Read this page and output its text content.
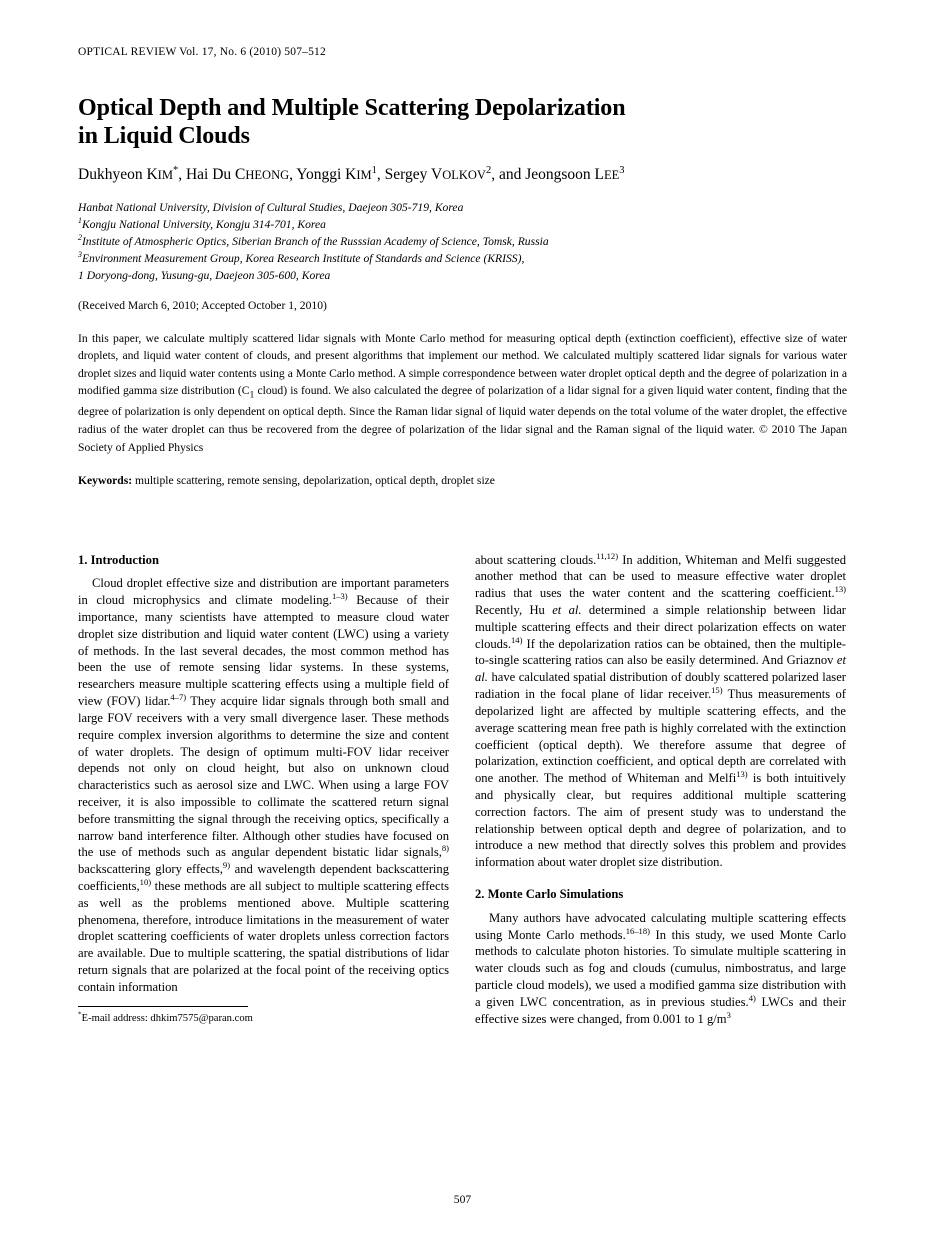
OPTICAL REVIEW Vol. 17, No. 6 (2010) 507–512
Optical Depth and Multiple Scattering Depolarization
in Liquid Clouds
Dukhyeon KIM*, Hai Du CHEONG, Yonggi KIM$^1$, Sergey VOLKOV$^2$, and Jeongsoon LEE$^3$
Hanbat National University, Division of Cultural Studies, Daejeon 305-719, Korea
$^1$Kongju National University, Kongju 314-701, Korea
$^2$Institute of Atmospheric Optics, Siberian Branch of the Russsian Academy of Science, Tomsk, Russia
$^3$Environment Measurement Group, Korea Research Institute of Standards and Science (KRISS),
1 Doryong-dong, Yusung-gu, Daejeon 305-600, Korea
(Received March 6, 2010; Accepted October 1, 2010)
In this paper, we calculate multiply scattered lidar signals with Monte Carlo method for measuring optical depth (extinction coefficient), effective size of water droplets, and liquid water content of clouds, and present algorithms that implement our method. We calculated multiply scattered lidar signals for various water droplet sizes and liquid water contents using a Monte Carlo method. A simple correspondence between water droplet optical depth and the degree of polarization in a modified gamma size distribution ($C_1$ cloud) is found. We also calculated the degree of polarization of a lidar signal for a given liquid water content, finding that the degree of polarization is only dependent on optical depth. Since the Raman lidar signal of liquid water depends on the total volume of the water droplet, the effective radius of the water droplet can thus be recovered from the degree of polarization of the lidar signal and the Raman signal of the liquid water. © 2010 The Japan Society of Applied Physics
Keywords: multiple scattering, remote sensing, depolarization, optical depth, droplet size
1. Introduction

Cloud droplet effective size and distribution are important parameters in cloud microphysics and climate modeling.$^{1-3)}$ Because of their importance, many scientists have attempted to measure cloud water droplet size distribution and liquid water content (LWC) using a variety of methods. In the last several decades, the most common method has been the use of remote sensing lidar systems. In these systems, researchers measure multiple scattering effects using a multiple field of view (FOV) lidar.$^{4-7)}$ They acquire lidar signals through both small and large FOV receivers with a very small divergence laser. These methods require complex inversion algorithms to determine the size and content of water droplets. The design of optimum multi-FOV lidar receiver depends not only on cloud height, but also on unknown cloud characteristics such as aerosol size and LWC. When using a large FOV receiver, it is also impossible to collimate the scattered return signal before transmitting the signal through the receiving optics, specifically a narrow band interference filter. Although other studies have focused on the use of methods such as angular dependent bistatic lidar signals,$^{8)}$ backscattering glory effects,$^{9)}$ and wavelength dependent backscattering coefficients,$^{10)}$ these methods are all subject to multiple scattering effects as well as the problems mentioned above. Multiple scattering phenomena, therefore, introduce limitations in the measurement of water droplet scattering coefficients of water droplets unless correction factors are available. Due to multiple scattering, the spatial distributions of lidar return signals that are polarized at the focal point of the receiving optics contain information

*E-mail address: dhkim7575@paran.com

about scattering clouds.$^{11,12)}$ In addition, Whiteman and Melfi suggested another method that can be used to measure effective water droplet radius that uses the water content and the scattering coefficient.$^{13)}$ Recently, Hu et al. determined a simple relationship between lidar multiple scattering effects and their direct polarization effects on water clouds.$^{14)}$ If the depolarization ratios can be obtained, then the multiple-to-single scattering ratios can also be easily determined. And Griaznov et al. have calculated spatial distribution of doubly scattered polarized laser radiation in the focal plane of lidar receiver.$^{15)}$ Thus measurements of depolarized light are affected by multiple scattering effects, and the average scattering mean free path is highly correlated with the extinction coefficient (optical depth). We therefore assume that degree of polarization, extinction coefficient, and optical depth are correlated with one another. The method of Whiteman and Melfi$^{13)}$ is both intuitively and physically clear, but requires additional multiple scattering correction factors. The aim of present study was to understand the relationship between optical depth and degree of polarization, and to introduce a new method that directly solves this problem and provides information about water droplet size distribution.

2. Monte Carlo Simulations

Many authors have advocated calculating multiple scattering effects using Monte Carlo methods.$^{16-18)}$ In this study, we used Monte Carlo methods to calculate photon histories. To simulate multiple scattering in water clouds such as fog and clouds (cumulus, nimbostratus, and large particle cloud models), we used a modified gamma size distribution with a given LWC concentration, as in previous studies.$^{4)}$ LWCs and their effective sizes were changed, from 0.001 to 1 $g/m^3$

507
